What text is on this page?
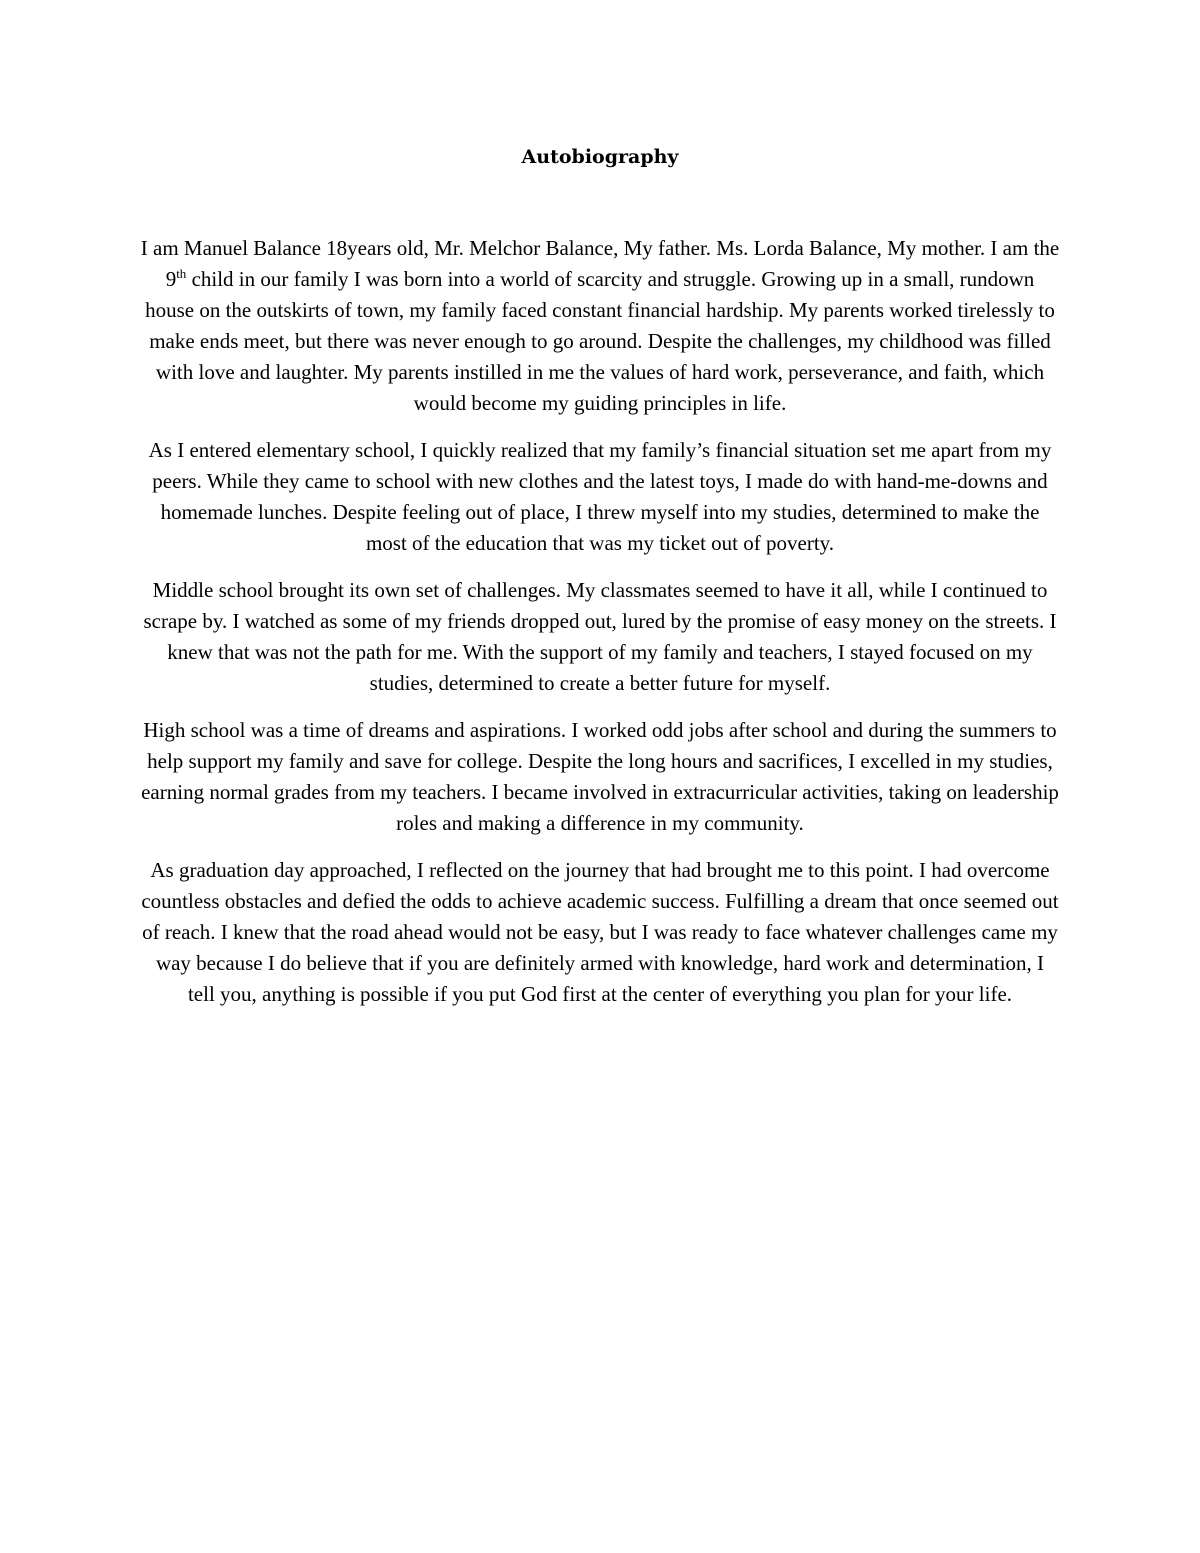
Autobiography

I am Manuel Balance 18years old, Mr. Melchor Balance, My father. Ms. Lorda Balance, My mother. I am the 9th child in our family I was born into a world of scarcity and struggle. Growing up in a small, rundown house on the outskirts of town, my family faced constant financial hardship. My parents worked tirelessly to make ends meet, but there was never enough to go around. Despite the challenges, my childhood was filled with love and laughter. My parents instilled in me the values of hard work, perseverance, and faith, which would become my guiding principles in life.

As I entered elementary school, I quickly realized that my family’s financial situation set me apart from my peers. While they came to school with new clothes and the latest toys, I made do with hand-me-downs and homemade lunches. Despite feeling out of place, I threw myself into my studies, determined to make the most of the education that was my ticket out of poverty.

Middle school brought its own set of challenges. My classmates seemed to have it all, while I continued to scrape by. I watched as some of my friends dropped out, lured by the promise of easy money on the streets. I knew that was not the path for me. With the support of my family and teachers, I stayed focused on my studies, determined to create a better future for myself.

High school was a time of dreams and aspirations. I worked odd jobs after school and during the summers to help support my family and save for college. Despite the long hours and sacrifices, I excelled in my studies, earning normal grades from my teachers. I became involved in extracurricular activities, taking on leadership roles and making a difference in my community.

As graduation day approached, I reflected on the journey that had brought me to this point. I had overcome countless obstacles and defied the odds to achieve academic success. Fulfilling a dream that once seemed out of reach. I knew that the road ahead would not be easy, but I was ready to face whatever challenges came my way because I do believe that if you are definitely armed with knowledge, hard work and determination, I tell you, anything is possible if you put God first at the center of everything you plan for your life.
